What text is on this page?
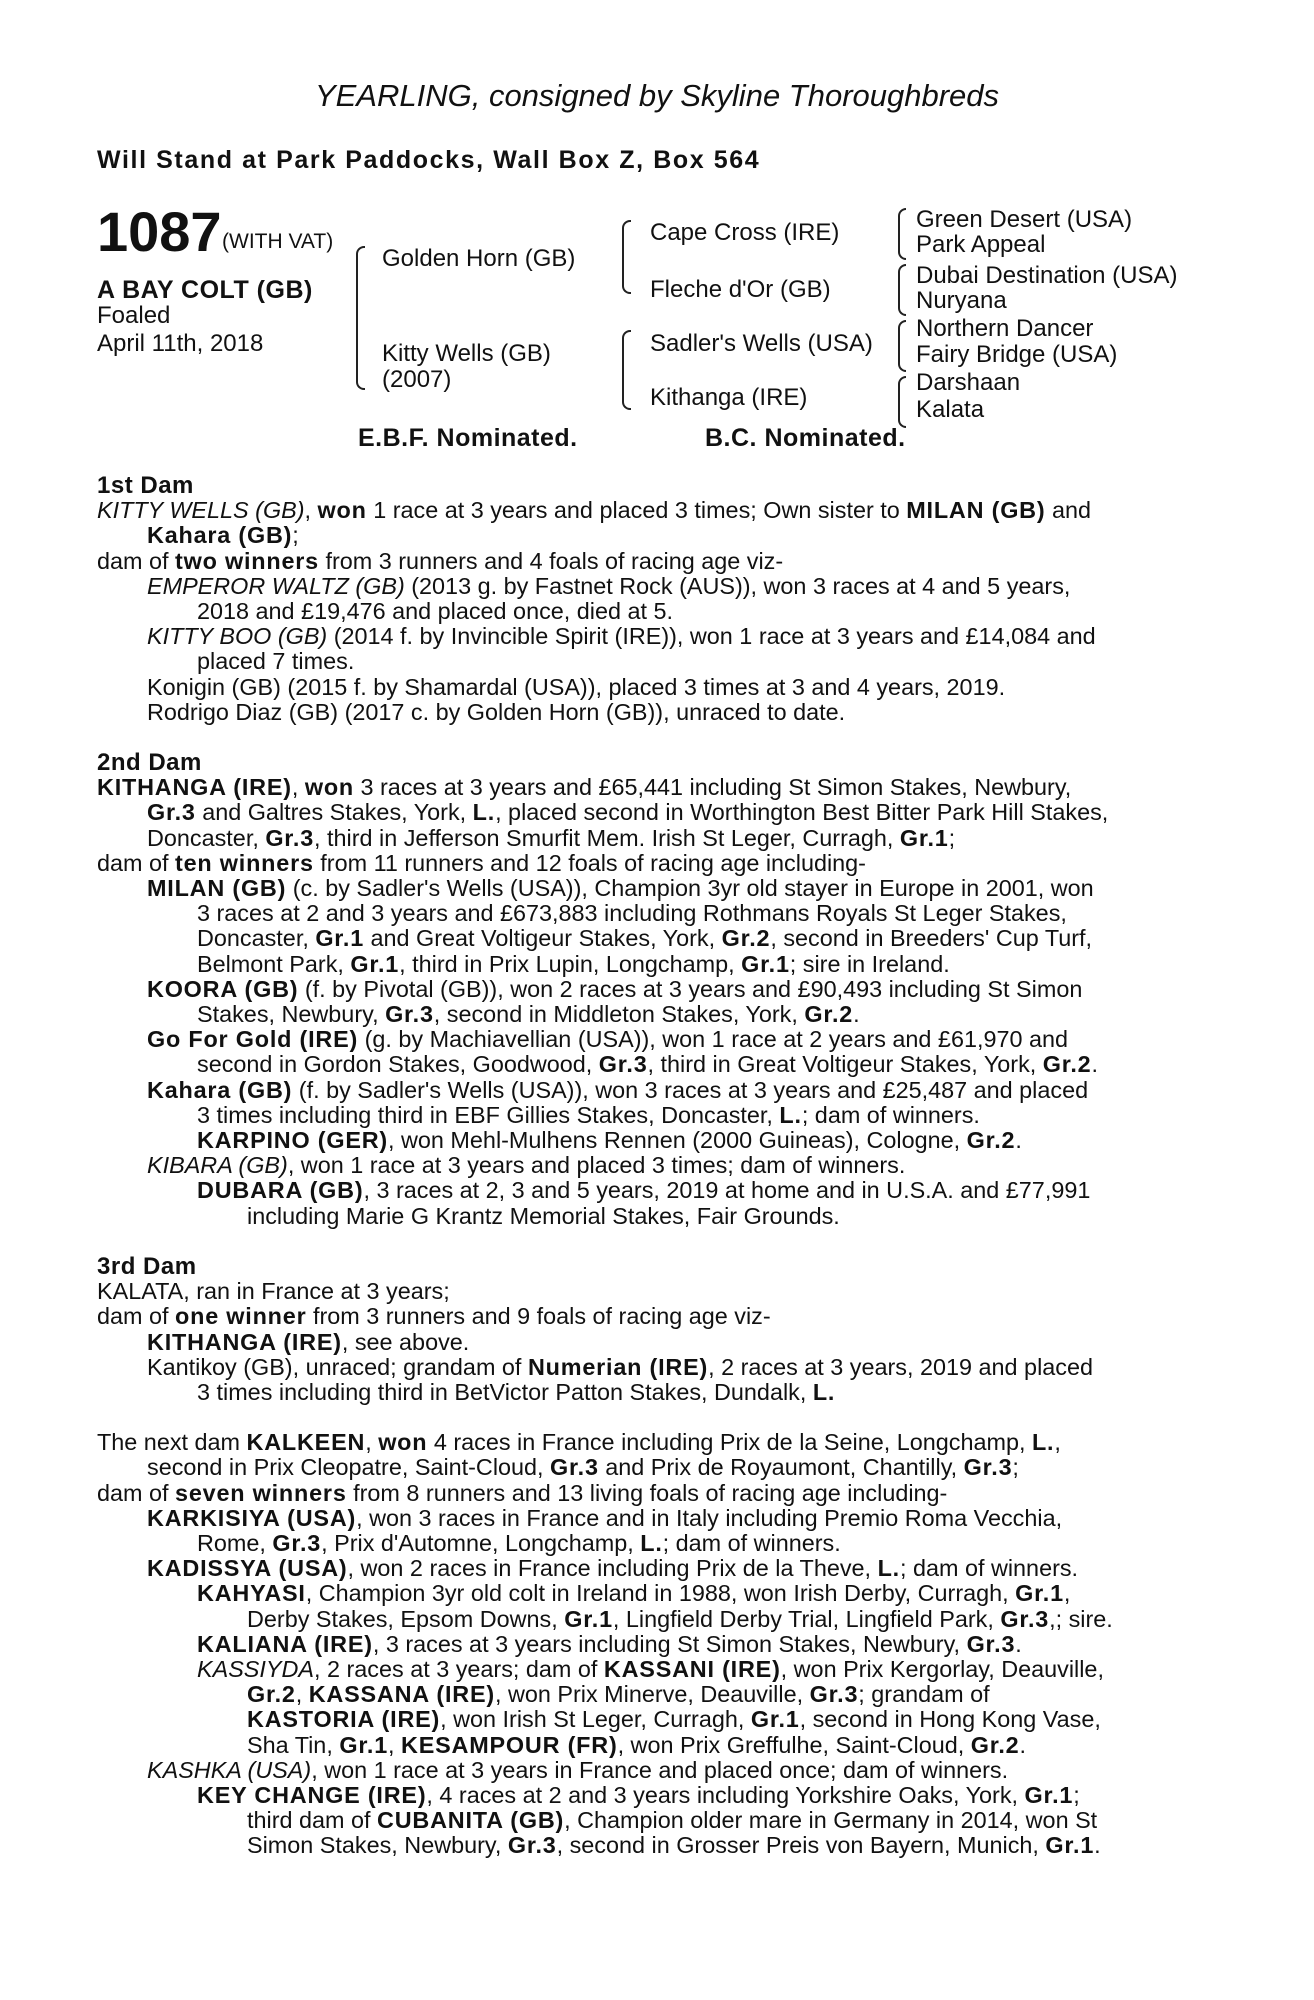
YEARLING, consigned by Skyline Thoroughbreds
Will Stand at Park Paddocks, Wall Box Z, Box 564
1087 (WITH VAT)
A BAY COLT (GB)
Foaled
April 11th, 2018
Golden Horn (GB)
Kitty Wells (GB)
(2007)
Cape Cross (IRE)
Fleche d'Or (GB)
Sadler's Wells (USA)
Kithanga (IRE)
Green Desert (USA)
Park Appeal
Dubai Destination (USA)
Nuryana
Northern Dancer
Fairy Bridge (USA)
Darshaan
Kalata
E.B.F. Nominated.	B.C. Nominated.
1st Dam
KITTY WELLS (GB), won 1 race at 3 years and placed 3 times; Own sister to MILAN (GB) and
Kahara (GB);
dam of two winners from 3 runners and 4 foals of racing age viz-
EMPEROR WALTZ (GB) (2013 g. by Fastnet Rock (AUS)), won 3 races at 4 and 5 years,
2018 and £19,476 and placed once, died at 5.
KITTY BOO (GB) (2014 f. by Invincible Spirit (IRE)), won 1 race at 3 years and £14,084 and
placed 7 times.
Konigin (GB) (2015 f. by Shamardal (USA)), placed 3 times at 3 and 4 years, 2019.
Rodrigo Diaz (GB) (2017 c. by Golden Horn (GB)), unraced to date.
2nd Dam
KITHANGA (IRE), won 3 races at 3 years and £65,441 including St Simon Stakes, Newbury,
Gr.3 and Galtres Stakes, York, L., placed second in Worthington Best Bitter Park Hill Stakes,
Doncaster, Gr.3, third in Jefferson Smurfit Mem. Irish St Leger, Curragh, Gr.1;
dam of ten winners from 11 runners and 12 foals of racing age including-
MILAN (GB) (c. by Sadler's Wells (USA)), Champion 3yr old stayer in Europe in 2001, won
3 races at 2 and 3 years and £673,883 including Rothmans Royals St Leger Stakes,
Doncaster, Gr.1 and Great Voltigeur Stakes, York, Gr.2, second in Breeders' Cup Turf,
Belmont Park, Gr.1, third in Prix Lupin, Longchamp, Gr.1; sire in Ireland.
KOORA (GB) (f. by Pivotal (GB)), won 2 races at 3 years and £90,493 including St Simon
Stakes, Newbury, Gr.3, second in Middleton Stakes, York, Gr.2.
Go For Gold (IRE) (g. by Machiavellian (USA)), won 1 race at 2 years and £61,970 and
second in Gordon Stakes, Goodwood, Gr.3, third in Great Voltigeur Stakes, York, Gr.2.
Kahara (GB) (f. by Sadler's Wells (USA)), won 3 races at 3 years and £25,487 and placed
3 times including third in EBF Gillies Stakes, Doncaster, L.; dam of winners.
KARPINO (GER), won Mehl-Mulhens Rennen (2000 Guineas), Cologne, Gr.2.
KIBARA (GB), won 1 race at 3 years and placed 3 times; dam of winners.
DUBARA (GB), 3 races at 2, 3 and 5 years, 2019 at home and in U.S.A. and £77,991
including Marie G Krantz Memorial Stakes, Fair Grounds.
3rd Dam
KALATA, ran in France at 3 years;
dam of one winner from 3 runners and 9 foals of racing age viz-
KITHANGA (IRE), see above.
Kantikoy (GB), unraced; grandam of Numerian (IRE), 2 races at 3 years, 2019 and placed
3 times including third in BetVictor Patton Stakes, Dundalk, L.
The next dam KALKEEN, won 4 races in France including Prix de la Seine, Longchamp, L.,
second in Prix Cleopatre, Saint-Cloud, Gr.3 and Prix de Royaumont, Chantilly, Gr.3;
dam of seven winners from 8 runners and 13 living foals of racing age including-
KARKISIYA (USA), won 3 races in France and in Italy including Premio Roma Vecchia,
Rome, Gr.3, Prix d'Automne, Longchamp, L.; dam of winners.
KADISSYA (USA), won 2 races in France including Prix de la Theve, L.; dam of winners.
KAHYASI, Champion 3yr old colt in Ireland in 1988, won Irish Derby, Curragh, Gr.1,
Derby Stakes, Epsom Downs, Gr.1, Lingfield Derby Trial, Lingfield Park, Gr.3,; sire.
KALIANA (IRE), 3 races at 3 years including St Simon Stakes, Newbury, Gr.3.
KASSIYDA, 2 races at 3 years; dam of KASSANI (IRE), won Prix Kergorlay, Deauville,
Gr.2, KASSANA (IRE), won Prix Minerve, Deauville, Gr.3; grandam of
KASTORIA (IRE), won Irish St Leger, Curragh, Gr.1, second in Hong Kong Vase,
Sha Tin, Gr.1, KESAMPOUR (FR), won Prix Greffulhe, Saint-Cloud, Gr.2.
KASHKA (USA), won 1 race at 3 years in France and placed once; dam of winners.
KEY CHANGE (IRE), 4 races at 2 and 3 years including Yorkshire Oaks, York, Gr.1;
third dam of CUBANITA (GB), Champion older mare in Germany in 2014, won St
Simon Stakes, Newbury, Gr.3, second in Grosser Preis von Bayern, Munich, Gr.1.
